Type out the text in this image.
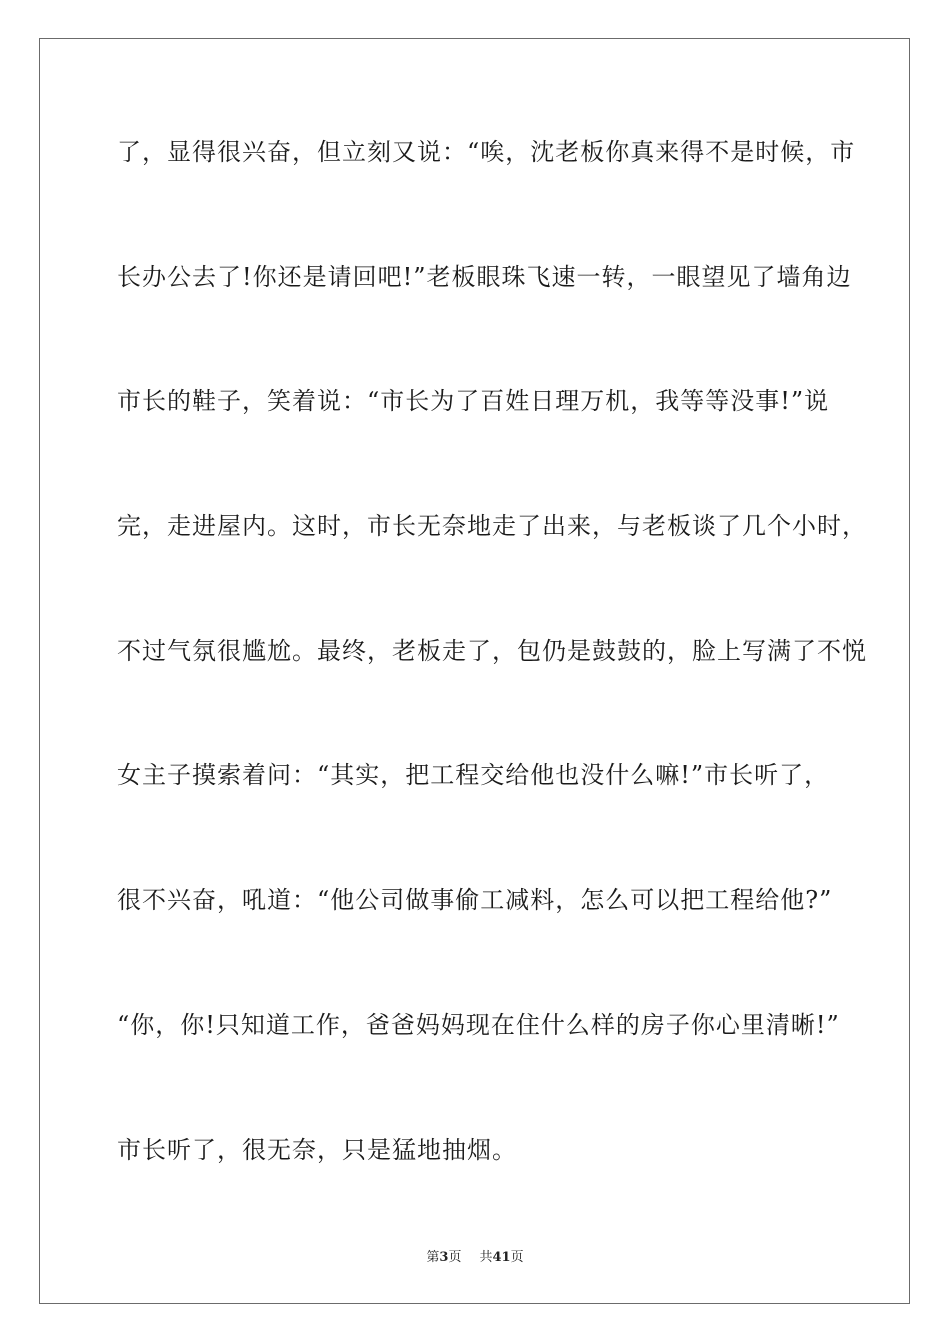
了，显得很兴奋，但立刻又说：“唉，沈老板你真来得不是时候，市
长办公去了!你还是请回吧!”老板眼珠飞速一转，一眼望见了墙角边
市长的鞋子，笑着说：“市长为了百姓日理万机，我等等没事!”说
完，走进屋内。这时，市长无奈地走了出来，与老板谈了几个小时，
不过气氛很尴尬。最终，老板走了，包仍是鼓鼓的，脸上写满了不悦
女主子摸索着问：“其实，把工程交给他也没什么嘛!”市长听了，
很不兴奋，吼道：“他公司做事偷工减料，怎么可以把工程给他?”
“你，你!只知道工作，爸爸妈妈现在住什么样的房子你心里清晰!”
市长听了，很无奈，只是猛地抽烟。
第3页 共41页
